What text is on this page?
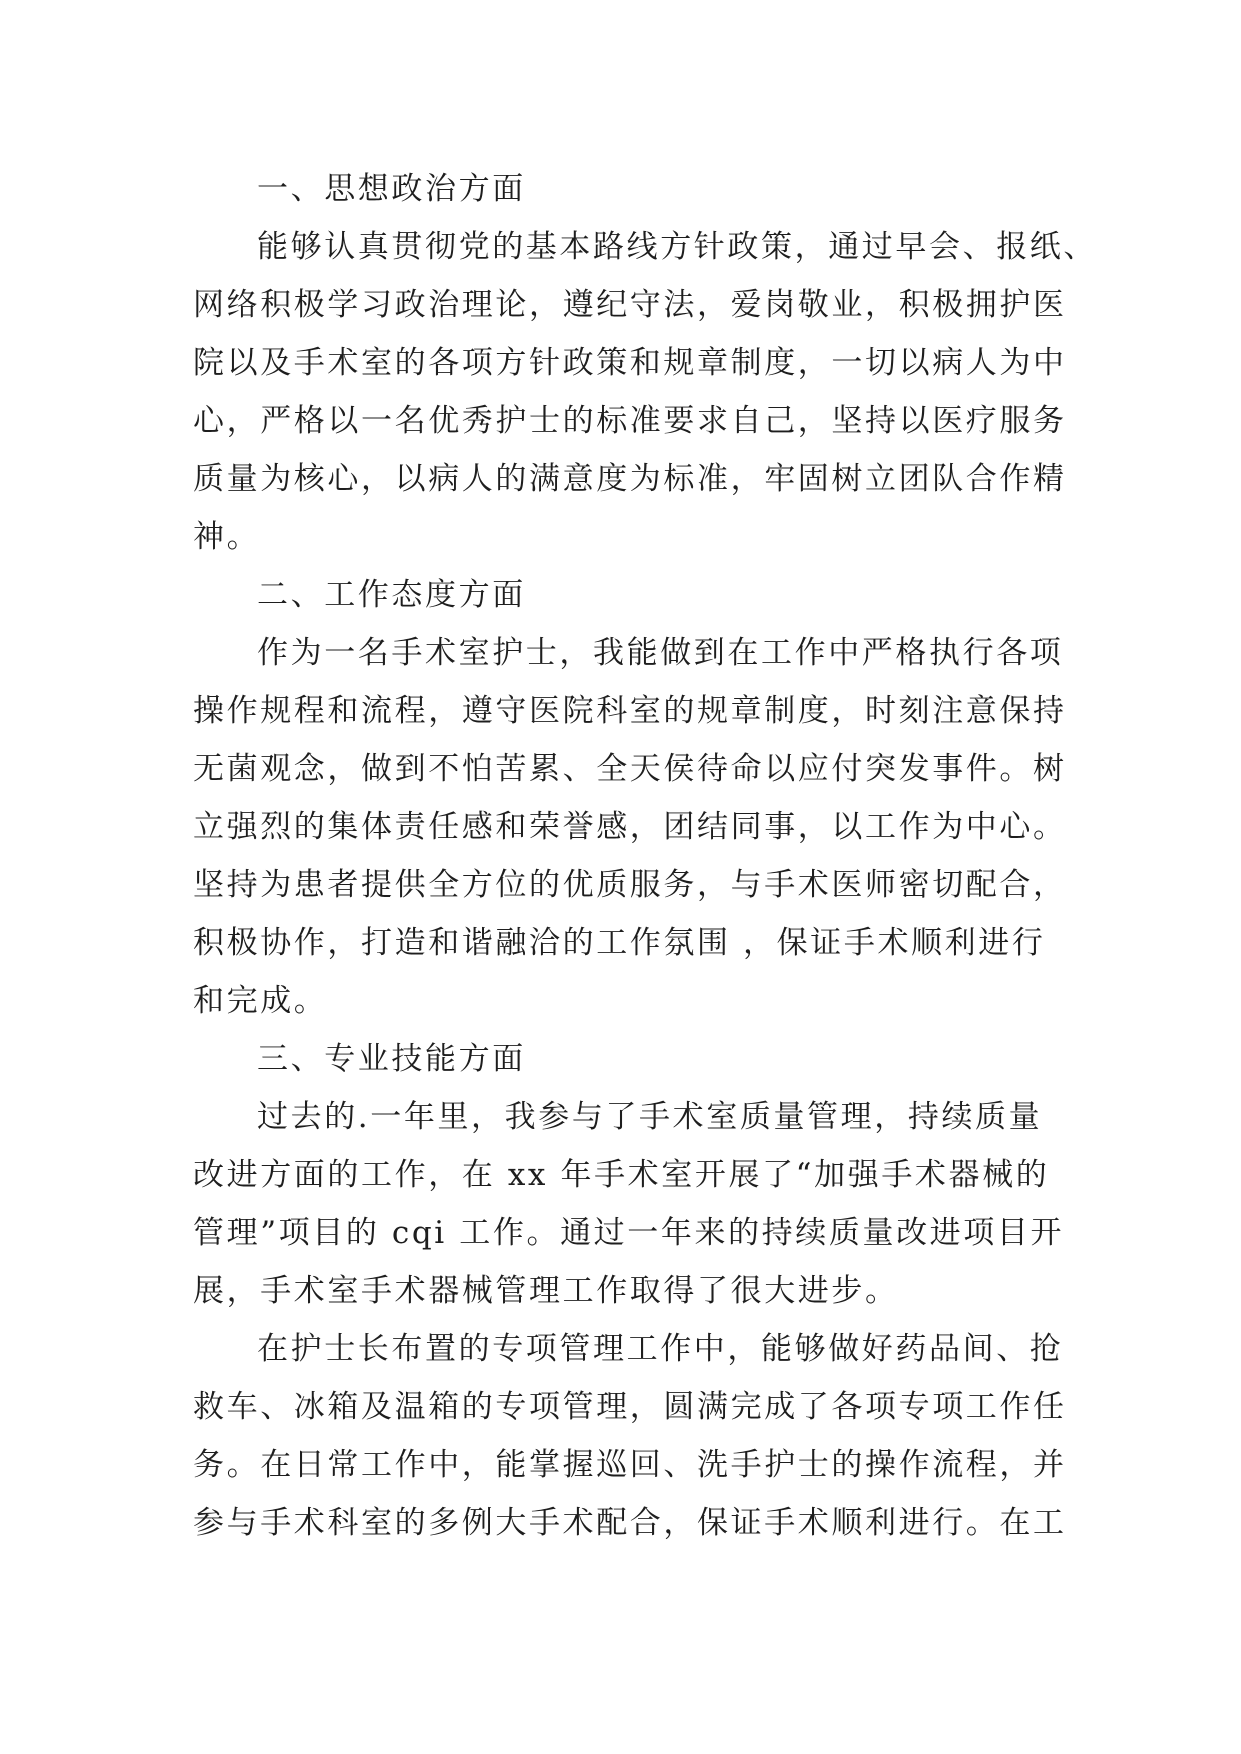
一、思想政治方面

能够认真贯彻党的基本路线方针政策，通过早会、报纸、
网络积极学习政治理论，遵纪守法，爱岗敬业，积极拥护医
院以及手术室的各项方针政策和规章制度，一切以病人为中
心，严格以一名优秀护士的标准要求自己，坚持以医疗服务
质量为核心，以病人的满意度为标准，牢固树立团队合作精
神。

二、工作态度方面

作为一名手术室护士，我能做到在工作中严格执行各项
操作规程和流程，遵守医院科室的规章制度，时刻注意保持
无菌观念，做到不怕苦累、全天侯待命以应付突发事件。树
立强烈的集体责任感和荣誉感，团结同事，以工作为中心。
坚持为患者提供全方位的优质服务，与手术医师密切配合，
积极协作，打造和谐融洽的工作氛围 ，保证手术顺利进行
和完成。

三、专业技能方面

过去的.一年里，我参与了手术室质量管理，持续质量
改进方面的工作，在 xx 年手术室开展了“加强手术器械的
管理”项目的 cqi 工作。通过一年来的持续质量改进项目开
展，手术室手术器械管理工作取得了很大进步。

在护士长布置的专项管理工作中，能够做好药品间、抢
救车、冰箱及温箱的专项管理，圆满完成了各项专项工作任
务。在日常工作中，能掌握巡回、洗手护士的操作流程，并
参与手术科室的多例大手术配合，保证手术顺利进行。在工
